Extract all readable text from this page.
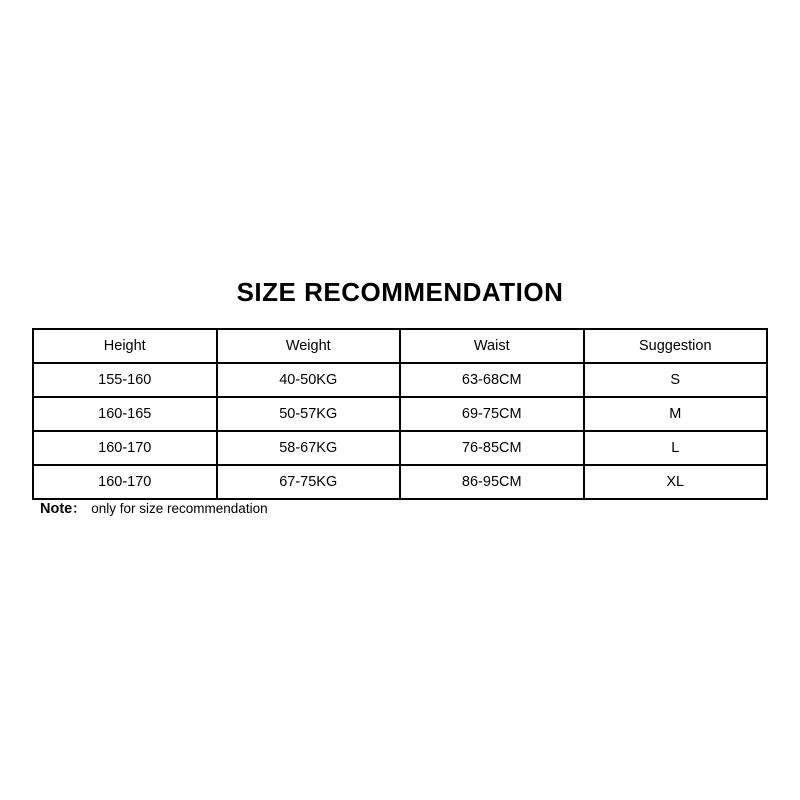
SIZE RECOMMENDATION
Height	Weight	Waist	Suggestion
155-160	40-50KG	63-68CM	S
160-165	50-57KG	69-75CM	M
160-170	58-67KG	76-85CM	L
160-170	67-75KG	86-95CM	XL
Note： only for size recommendation
